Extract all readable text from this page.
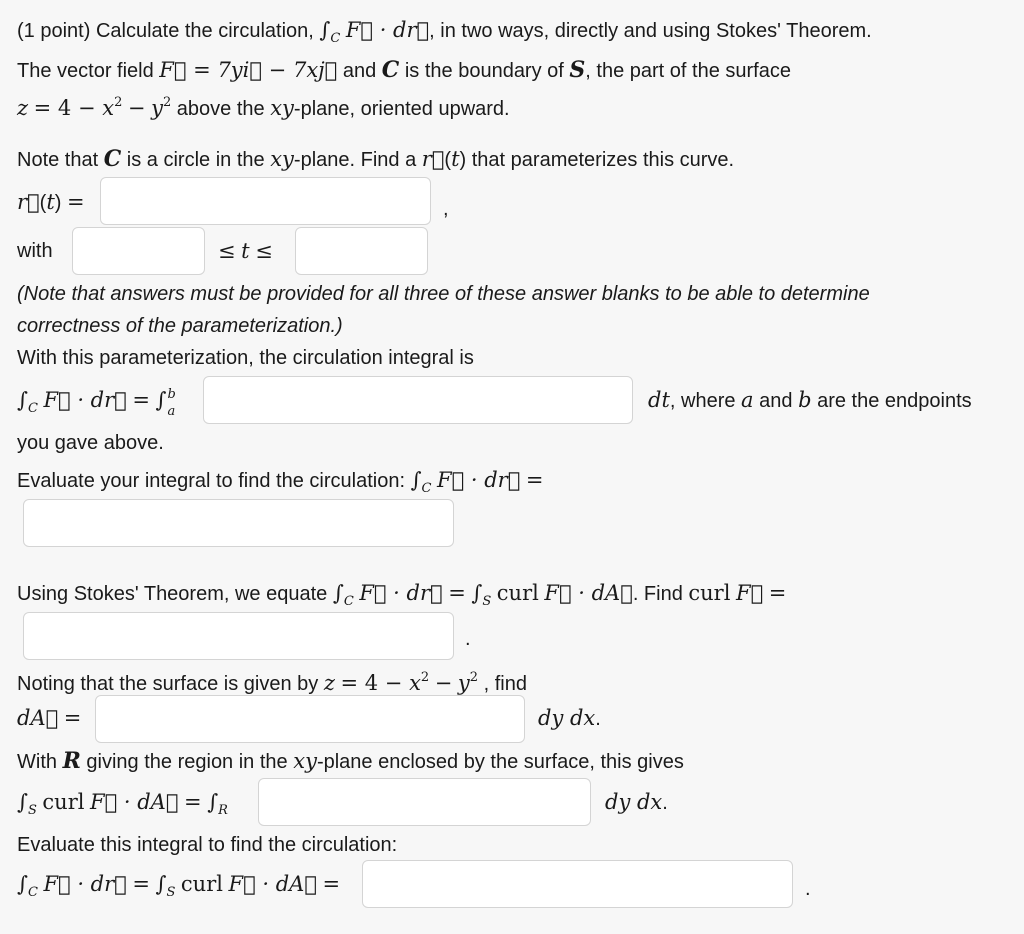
(1 point) Calculate the circulation, $\int_C$ F⃗ · dr⃗, in two ways, directly and using Stokes' Theorem.
The vector field F⃗ = 7yi⃗ − 7xj⃗ and C is the boundary of S, the part of the surface
$z = 4 - x^2 - y^2$ above the xy-plane, oriented upward.
Note that C is a circle in the xy-plane. Find a r⃗(t) that parameterizes this curve.
r⃗(t) =	,
with	≤ t ≤
(Note that answers must be provided for all three of these answer blanks to be able to determine
correctness of the parameterization.)
With this parameterization, the circulation integral is
$\int_C$ F⃗ · dr⃗ = ∫ b
a	dt, where a and b are the endpoints
you gave above.
Evaluate your integral to find the circulation: $\int_C$ F⃗ · dr⃗ =
Using Stokes' Theorem, we equate $\int_C$ F⃗ · dr⃗ = $\int_S$ curl F⃗ · dA⃗. Find curl F⃗ =
.
Noting that the surface is given by $z = 4 - x^2 - y^2$ , find
dA⃗ =	dy dx.
With R giving the region in the xy-plane enclosed by the surface, this gives
$\int_S$ curl F⃗ · dA⃗ = $\int_R$	dy dx.
Evaluate this integral to find the circulation:
$\int_C$ F⃗ · dr⃗ = $\int_S$ curl F⃗ · dA⃗ =	.
